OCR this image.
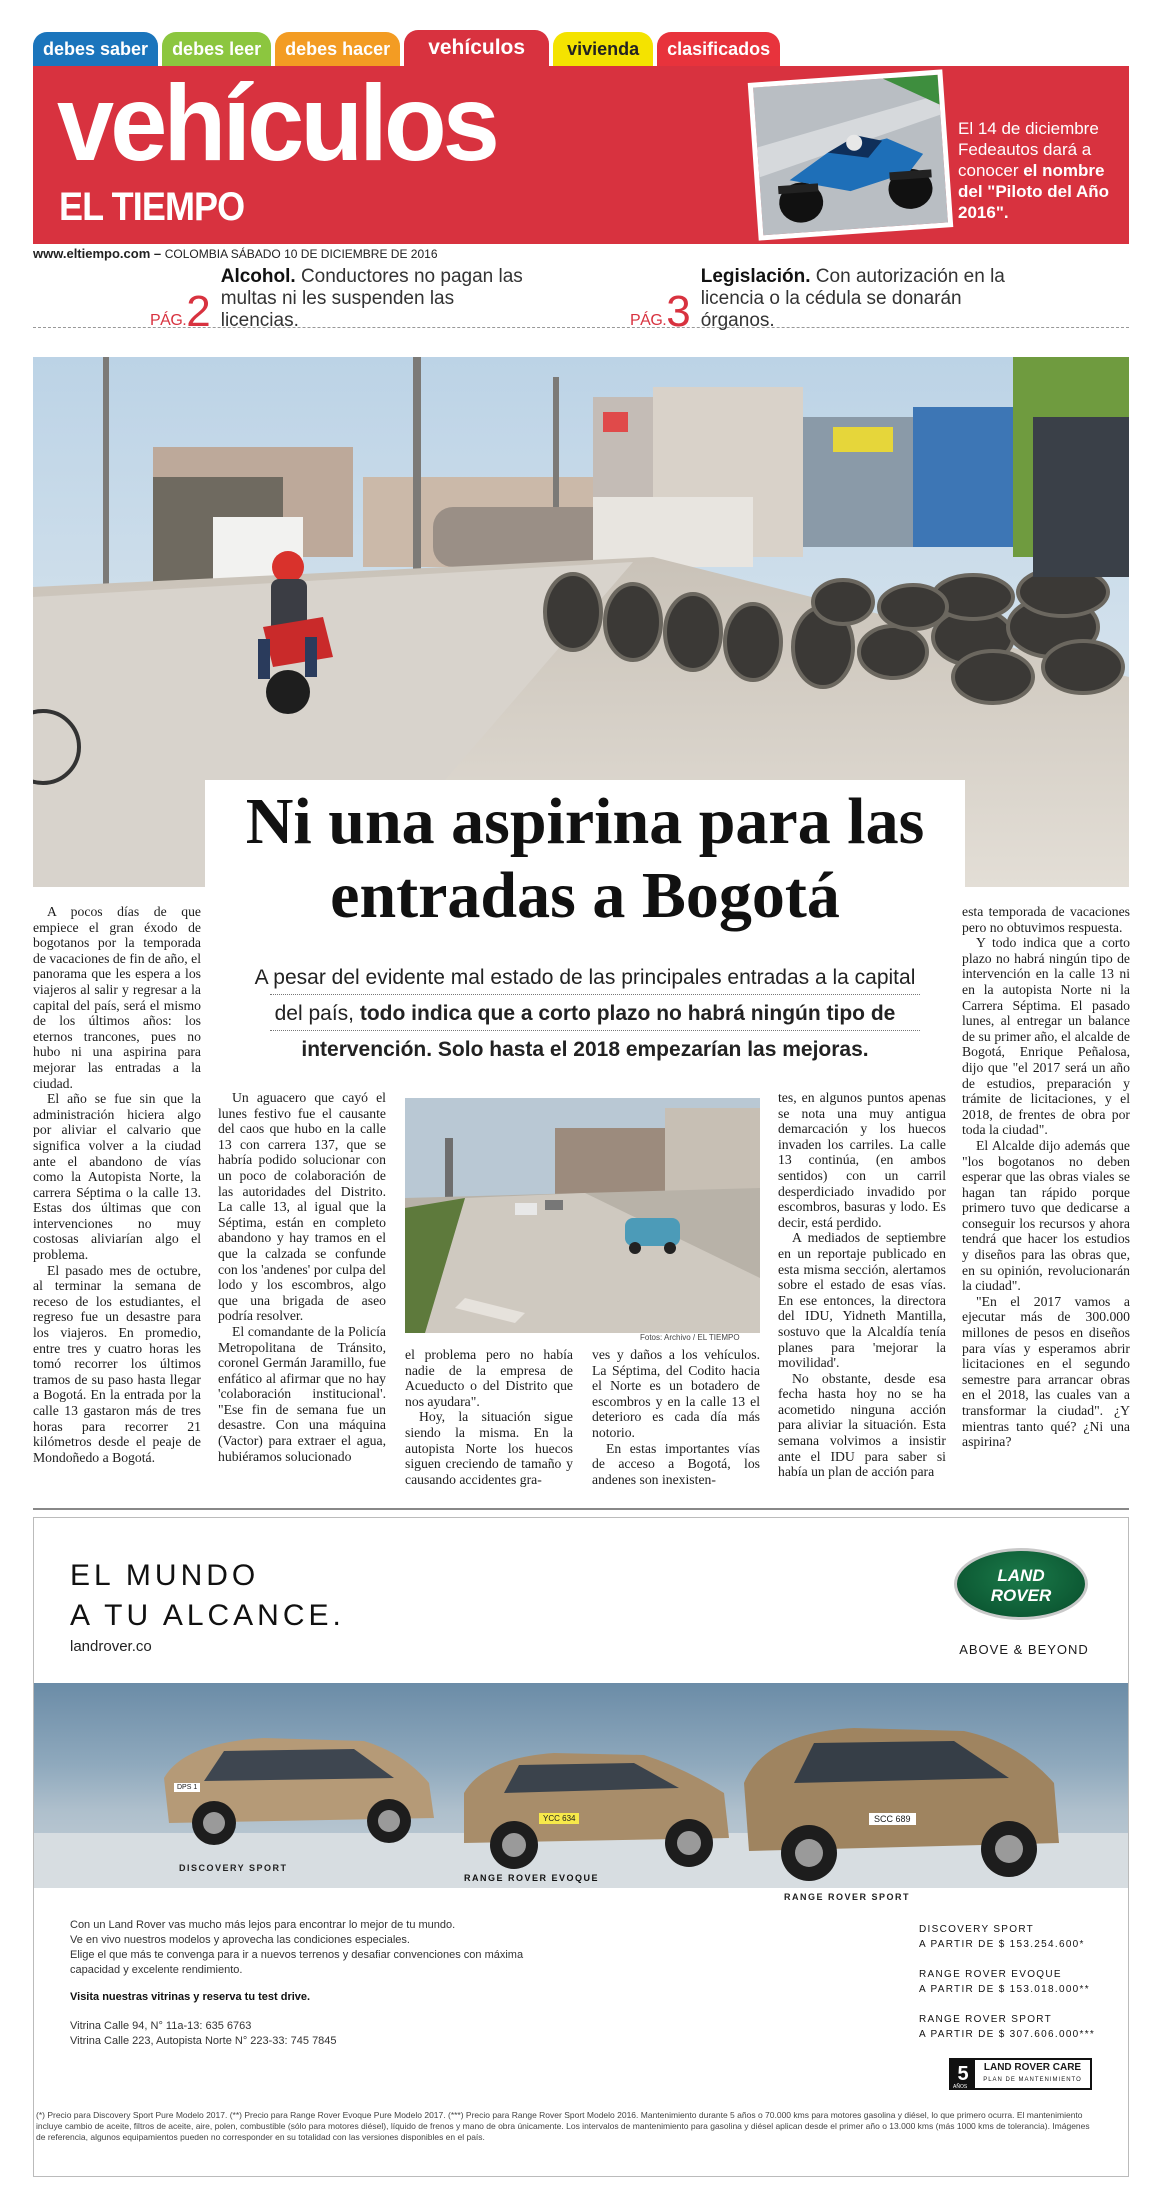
debes saber	debes leer	debes hacer	vehículos	vivienda	clasificados
vehículos
EL TIEMPO
El 14 de diciembre Fedeautos dará a conocer el nombre del "Piloto del Año 2016".
www.eltiempo.com – COLOMBIA SÁBADO 10 DE DICIEMBRE DE 2016
PÁG. 2
Alcohol. Conductores no pagan las multas ni les suspenden las licencias.	PÁG. 3
Legislación. Con autorización en la licencia o la cédula se donarán órganos.
Ni una aspirina para las entradas a Bogotá
A pesar del evidente mal estado de las principales entradas a la capital del país, todo indica que a corto plazo no habrá ningún tipo de intervención. Solo hasta el 2018 empezarían las mejoras.

A pocos días de que empiece el gran éxodo de bogotanos por la temporada de vacaciones de fin de año, el panorama que les espera a los viajeros al salir y regresar a la capital del país, será el mismo de los últimos años: los eternos trancones, pues no hubo ni una aspirina para mejorar las entradas a la ciudad.

El año se fue sin que la administración hiciera algo por aliviar el calvario que significa volver a la ciudad ante el abandono de vías como la Autopista Norte, la carrera Séptima o la calle 13. Estas dos últimas que con intervenciones no muy costosas aliviarían algo el problema.

El pasado mes de octubre, al terminar la semana de receso de los estudiantes, el regreso fue un desastre para los viajeros. En promedio, entre tres y cuatro horas les tomó recorrer los últimos tramos de su paso hasta llegar a Bogotá. En la entrada por la calle 13 gastaron más de tres horas para recorrer 21 kilómetros desde el peaje de Mondoñedo a Bogotá.

Un aguacero que cayó el lunes festivo fue el causante del caos que hubo en la calle 13 con carrera 137, que se habría podido solucionar con un poco de colaboración de las autoridades del Distrito. La calle 13, al igual que la Séptima, están en completo abandono y hay tramos en el que la calzada se confunde con los 'andenes' por culpa del lodo y los escombros, algo que una brigada de aseo podría resolver.

El comandante de la Policía Metropolitana de Tránsito, coronel Germán Jaramillo, fue enfático al afirmar que no hay 'colaboración institucional'. "Ese fin de semana fue un desastre. Con una máquina (Vactor) para extraer el agua, hubiéramos solucionado

Fotos: Archivo / EL TIEMPO

el problema pero no había nadie de la empresa de Acueducto o del Distrito que nos ayudara".

Hoy, la situación sigue siendo la misma. En la autopista Norte los huecos siguen creciendo de tamaño y causando accidentes gra-

ves y daños a los vehículos. La Séptima, del Codito hacia el Norte es un botadero de escombros y en la calle 13 el deterioro es cada día más notorio.

En estas importantes vías de acceso a Bogotá, los andenes son inexisten-

tes, en algunos puntos apenas se nota una muy antigua demarcación y los huecos invaden los carriles. La calle 13 continúa, (en ambos sentidos) con un carril desperdiciado invadido por escombros, basuras y lodo. Es decir, está perdido.

A mediados de septiembre en un reportaje publicado en esta misma sección, alertamos sobre el estado de esas vías. En ese entonces, la directora del IDU, Yidneth Mantilla, sostuvo que la Alcaldía tenía planes para 'mejorar la movilidad'.

No obstante, desde esa fecha hasta hoy no se ha acometido ninguna acción para aliviar la situación. Esta semana volvimos a insistir ante el IDU para saber si había un plan de acción para

esta temporada de vacaciones pero no obtuvimos respuesta.

Y todo indica que a corto plazo no habrá ningún tipo de intervención en la calle 13 ni en la autopista Norte ni la Carrera Séptima. El pasado lunes, al entregar un balance de su primer año, el alcalde de Bogotá, Enrique Peñalosa, dijo que "el 2017 será un año de estudios, preparación y trámite de licitaciones, y el 2018, de frentes de obra por toda la ciudad".

El Alcalde dijo además que "los bogotanos no deben esperar que las obras viales se hagan tan rápido porque primero tuvo que dedicarse a conseguir los recursos y ahora tendrá que hacer los estudios y diseños para las obras que, en su opinión, revolucionarán la ciudad".

"En el 2017 vamos a ejecutar más de 300.000 millones de pesos en diseños para vías y esperamos abrir licitaciones en el segundo semestre para arrancar obras en el 2018, las cuales van a transformar la ciudad". ¿Y mientras tanto qué? ¿Ni una aspirina?

EL MUNDO
A TU ALCANCE.
landrover.co
LAND
ROVER
ABOVE & BEYOND
DPS 1
YCC 634	SCC 689
DISCOVERY SPORT
RANGE ROVER EVOQUE
RANGE ROVER SPORT
Con un Land Rover vas mucho más lejos para encontrar lo mejor de tu mundo.
Ve en vivo nuestros modelos y aprovecha las condiciones especiales.
Elige el que más te convenga para ir a nuevos terrenos y desafiar convenciones con máxima capacidad y excelente rendimiento.
Visita nuestras vitrinas y reserva tu test drive.
Vitrina Calle 94, N° 11a-13: 635 6763
Vitrina Calle 223, Autopista Norte N° 223-33: 745 7845
DISCOVERY SPORT
A PARTIR DE $ 153.254.600*
RANGE ROVER EVOQUE
A PARTIR DE $ 153.018.000**
RANGE ROVER SPORT
A PARTIR DE $ 307.606.000***
5	LAND ROVER CARE
PLAN DE MANTENIMIENTO
AÑOS
(*) Precio para Discovery Sport Pure Modelo 2017. (**) Precio para Range Rover Evoque Pure Modelo 2017. (***) Precio para Range Rover Sport Modelo 2016. Mantenimiento durante 5 años o 70.000 kms para motores gasolina y diésel, lo que primero ocurra. El mantenimiento incluye cambio de aceite, filtros de aceite, aire, polen, combustible (sólo para motores diésel), líquido de frenos y mano de obra únicamente. Los intervalos de mantenimiento para gasolina y diésel aplican desde el primer año o 13.000 kms (más 1000 kms de tolerancia). Imágenes de referencia, algunos equipamientos pueden no corresponder en su totalidad con las versiones disponibles en el país.
